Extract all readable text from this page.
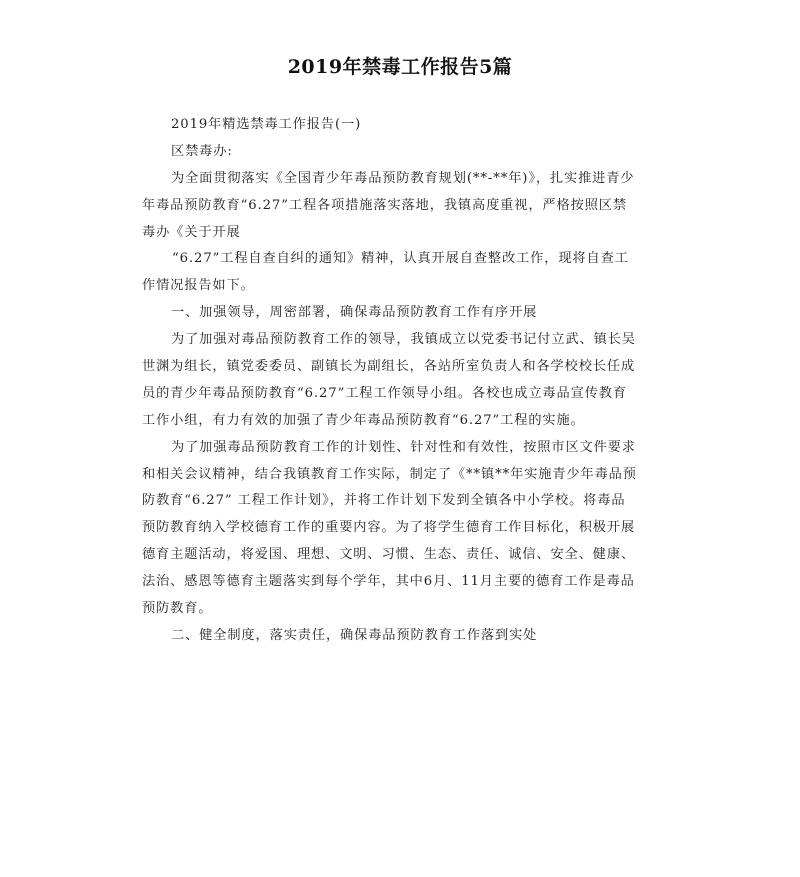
2019年禁毒工作报告5篇
2019年精选禁毒工作报告(一)
区禁毒办:
为全面贯彻落实《全国青少年毒品预防教育规划(**-**年)》，扎实推进青少
年毒品预防教育“6.27”工程各项措施落实落地，我镇高度重视，严格按照区禁
毒办《关于开展
“6.27”工程自查自纠的通知》精神，认真开展自查整改工作，现将自查工
作情况报告如下。
一、加强领导，周密部署，确保毒品预防教育工作有序开展
为了加强对毒品预防教育工作的领导，我镇成立以党委书记付立武、镇长吴
世渊为组长，镇党委委员、副镇长为副组长，各站所室负责人和各学校校长任成
员的青少年毒品预防教育“6.27”工程工作领导小组。各校也成立毒品宣传教育
工作小组，有力有效的加强了青少年毒品预防教育“6.27”工程的实施。
为了加强毒品预防教育工作的计划性、针对性和有效性，按照市区文件要求
和相关会议精神，结合我镇教育工作实际，制定了《**镇**年实施青少年毒品预
防教育“6.27” 工程工作计划》，并将工作计划下发到全镇各中小学校。将毒品
预防教育纳入学校德育工作的重要内容。为了将学生德育工作目标化，积极开展
德育主题活动，将爱国、理想、文明、习惯、生态、责任、诚信、安全、健康、
法治、感恩等德育主题落实到每个学年，其中6月、11月主要的德育工作是毒品
预防教育。
二、健全制度，落实责任，确保毒品预防教育工作落到实处
